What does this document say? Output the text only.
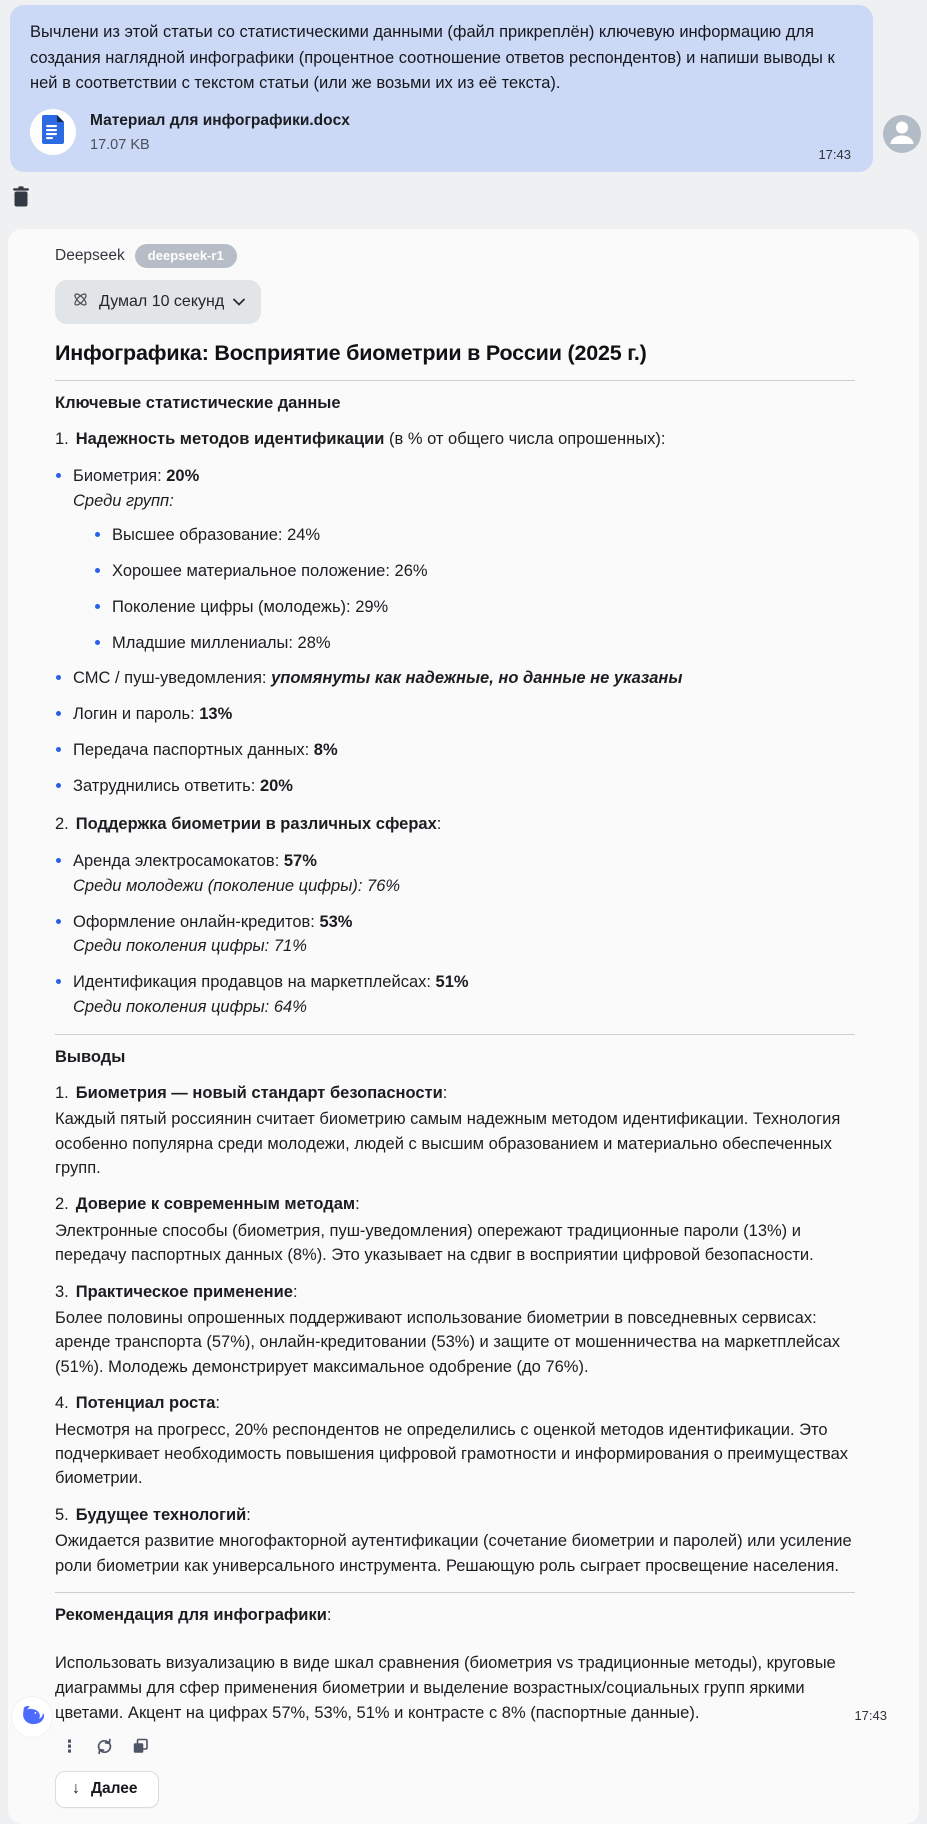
Вычлени из этой статьи со статистическими данными (файл прикреплён) ключевую информацию для создания наглядной инфографики (процентное соотношение ответов респондентов) и напиши выводы к ней в соответствии с текстом статьи (или же возьми их из её текста).
Материал для инфографики.docx
17.07 KB
17:43
Deepseek	deepseek-r1
Думал 10 секунд
Инфографика: Восприятие биометрии в России (2025 г.)
Ключевые статистические данные
1. Надежность методов идентификации (в % от общего числа опрошенных):
Биометрия: 20%
Среди групп:
Высшее образование: 24%
Хорошее материальное положение: 26%
Поколение цифры (молодежь): 29%
Младшие миллениалы: 28%
СМС / пуш-уведомления: упомянуты как надежные, но данные не указаны
Логин и пароль: 13%
Передача паспортных данных: 8%
Затруднились ответить: 20%
2. Поддержка биометрии в различных сферах:
Аренда электросамокатов: 57%
Среди молодежи (поколение цифры): 76%
Оформление онлайн-кредитов: 53%
Среди поколения цифры: 71%
Идентификация продавцов на маркетплейсах: 51%
Среди поколения цифры: 64%
Выводы
1. Биометрия — новый стандарт безопасности:
Каждый пятый россиянин считает биометрию самым надежным методом идентификации. Технология особенно популярна среди молодежи, людей с высшим образованием и материально обеспеченных групп.
2. Доверие к современным методам:
Электронные способы (биометрия, пуш-уведомления) опережают традиционные пароли (13%) и передачу паспортных данных (8%). Это указывает на сдвиг в восприятии цифровой безопасности.
3. Практическое применение:
Более половины опрошенных поддерживают использование биометрии в повседневных сервисах: аренде транспорта (57%), онлайн-кредитовании (53%) и защите от мошенничества на маркетплейсах (51%). Молодежь демонстрирует максимальное одобрение (до 76%).
4. Потенциал роста:
Несмотря на прогресс, 20% респондентов не определились с оценкой методов идентификации. Это подчеркивает необходимость повышения цифровой грамотности и информирования о преимуществах биометрии.
5. Будущее технологий:
Ожидается развитие многофакторной аутентификации (сочетание биометрии и паролей) или усиление роли биометрии как универсального инструмента. Решающую роль сыграет просвещение населения.
Рекомендация для инфографики:
Использовать визуализацию в виде шкал сравнения (биометрия vs традиционные методы), круговые диаграммы для сфер применения биометрии и выделение возрастных/социальных групп яркими цветами. Акцент на цифрах 57%, 53%, 51% и контрасте с 8% (паспортные данные).	17:43
⋮
↓ Далее
